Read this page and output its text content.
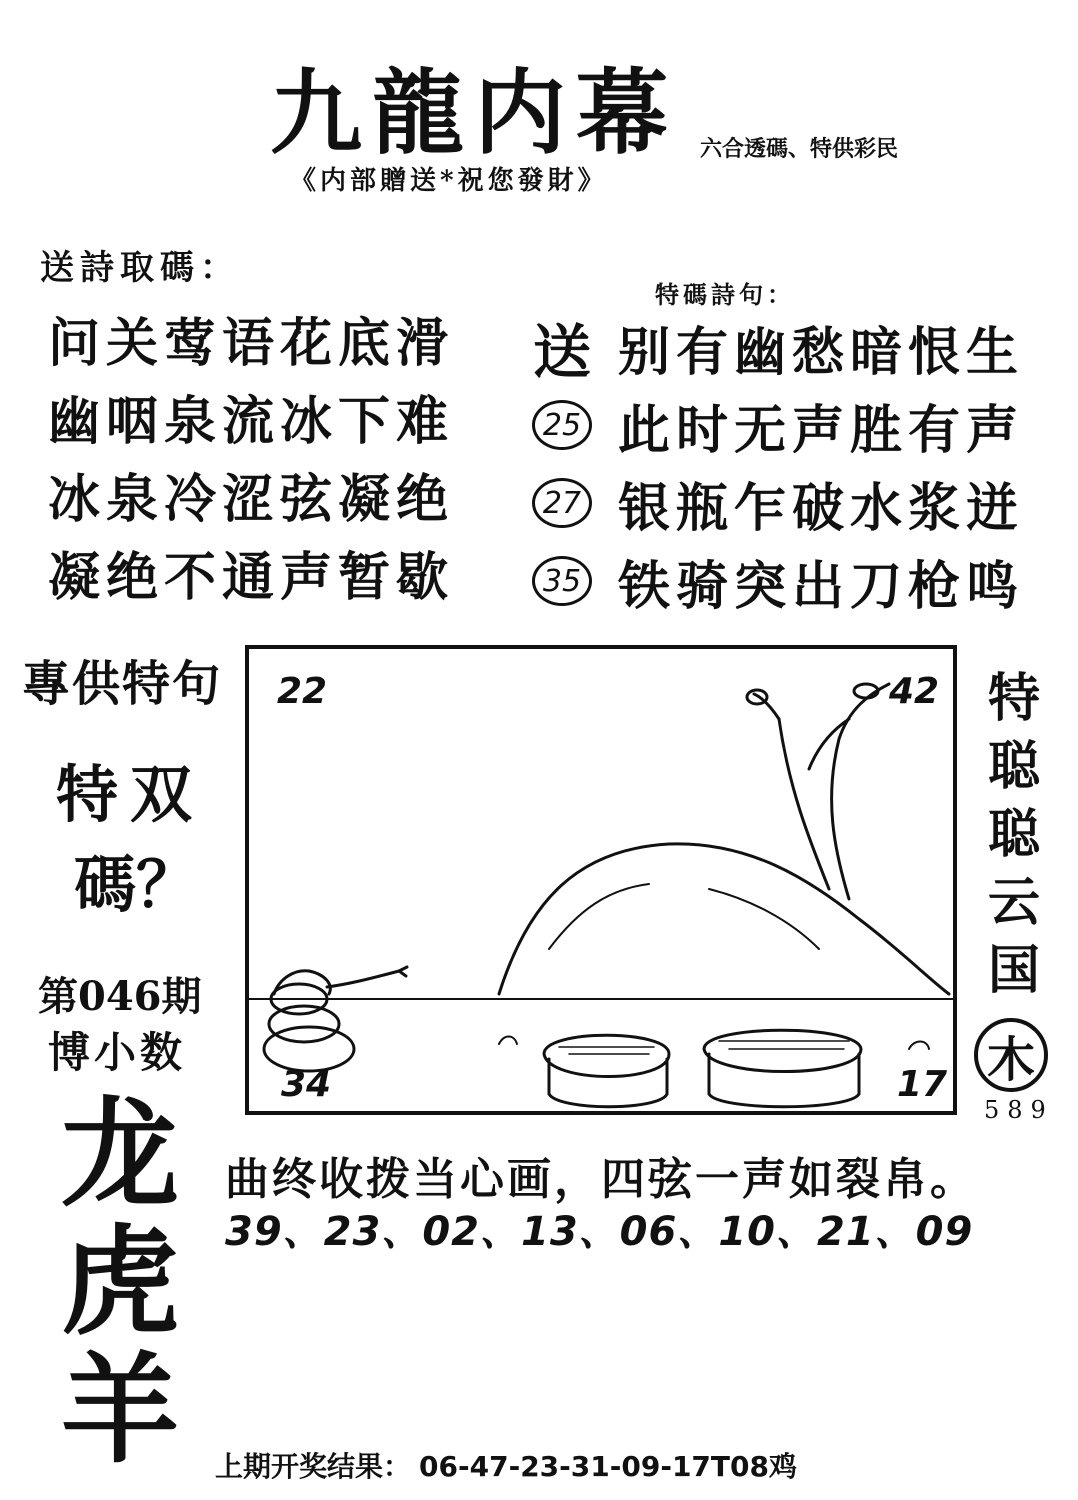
九龍内幕 六合透碼、特供彩民
《内部贈送*祝您發財》
送詩取碼：
问关莺语花底滑
幽咽泉流冰下难
冰泉冷涩弦凝绝
凝绝不通声暂歇
特碼詩句：
送 别有幽愁暗恨生
25 此时无声胜有声
27 银瓶乍破水浆迸
35 铁骑突出刀枪鸣
專供特句
特双
碼？
第046期
博小数
龙
虎
羊
22	42
34	17
特
聪
聪
云
国
木
589
曲终收拨当心画，四弦一声如裂帛。
39、23、02、13、06、10、21、09
上期开奖结果： 06-47-23-31-09-17T08鸡
